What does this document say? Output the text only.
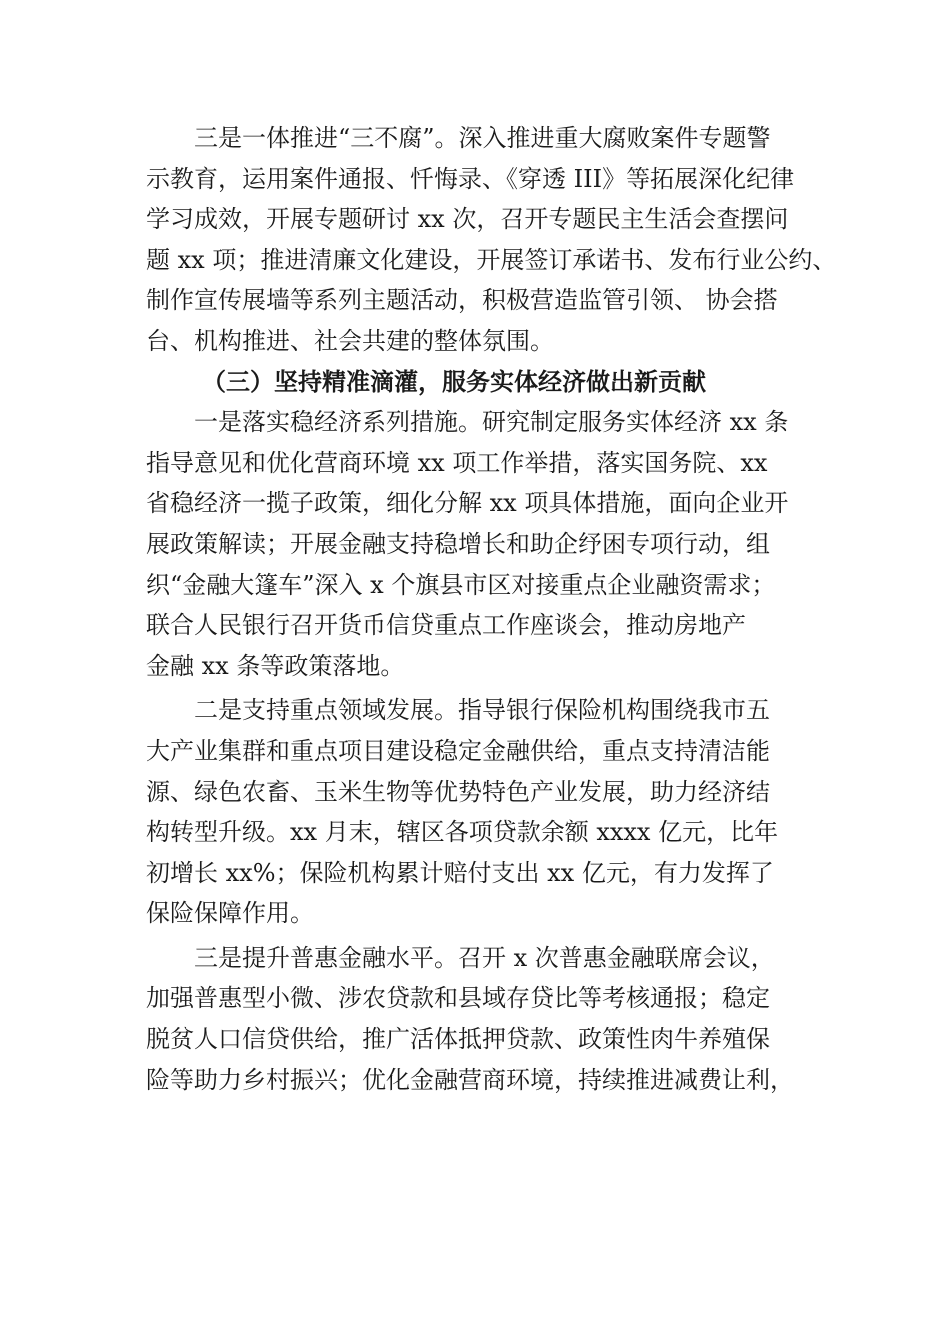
三是一体推进“三不腐”。深入推进重大腐败案件专题警
示教育，运用案件通报、忏悔录、《穿透 III》等拓展深化纪律
学习成效，开展专题研讨 xx 次，召开专题民主生活会查摆问
题 xx 项；推进清廉文化建设，开展签订承诺书、发布行业公约、
制作宣传展墙等系列主题活动，积极营造监管引领、 协会搭
台、机构推进、社会共建的整体氛围。
（三）坚持精准滴灌，服务实体经济做出新贡献
一是落实稳经济系列措施。研究制定服务实体经济 xx 条
指导意见和优化营商环境 xx 项工作举措，落实国务院、xx
省稳经济一揽子政策，细化分解 xx 项具体措施，面向企业开
展政策解读；开展金融支持稳增长和助企纾困专项行动，组
织“金融大篷车”深入 x 个旗县市区对接重点企业融资需求；
联合人民银行召开货币信贷重点工作座谈会，推动房地产
金融 xx 条等政策落地。
二是支持重点领域发展。指导银行保险机构围绕我市五
大产业集群和重点项目建设稳定金融供给，重点支持清洁能
源、绿色农畜、玉米生物等优势特色产业发展，助力经济结
构转型升级。xx 月末，辖区各项贷款余额 xxxx 亿元，比年
初增长 xx%；保险机构累计赔付支出 xx 亿元，有力发挥了
保险保障作用。
三是提升普惠金融水平。召开 x 次普惠金融联席会议，
加强普惠型小微、涉农贷款和县域存贷比等考核通报；稳定
脱贫人口信贷供给，推广活体抵押贷款、政策性肉牛养殖保
险等助力乡村振兴；优化金融营商环境，持续推进减费让利，
